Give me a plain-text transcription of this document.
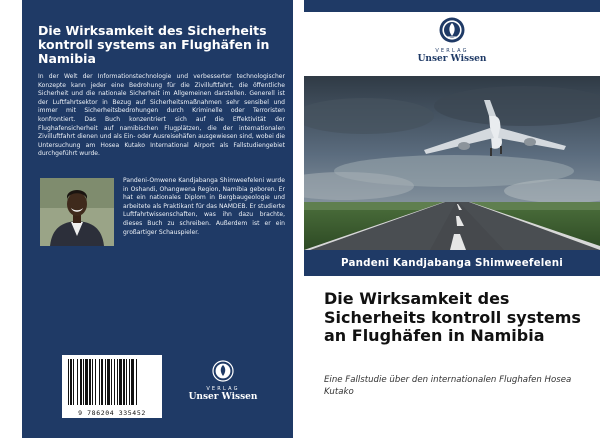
Die Wirksamkeit des Sicherheits kontroll systems an Flughäfen in Namibia
In der Welt der Informationstechnologie und verbesserter technologischer Konzepte kann jeder eine Bedrohung für die Zivilluftfahrt, die öffentliche Sicherheit und die nationale Sicherheit im Allgemeinen darstellen. Generell ist der Luftfahrtsektor in Bezug auf Sicherheitsmaßnahmen sehr sensibel und immer mit Sicherheitsbedrohungen durch Kriminelle oder Terroristen konfrontiert. Das Buch konzentriert sich auf die Effektivität der Flughafensicherheit auf namibischen Flugplätzen, die der internationalen Zivilluftfahrt dienen und als Ein- oder Ausreisehäfen ausgewiesen sind, wobei die Untersuchung am Hosea Kutako International Airport als Fallstudiengebiet durchgeführt wurde.
Pandeni-Omwene Kandjabanga Shimweefeleni wurde in Oshandi, Ohangwena Region, Namibia geboren. Er hat ein nationales Diplom in Bergbaugeologie und arbeitete als Praktikant für das NAMDEB. Er studierte Luftfahrtwissenschaften, was ihn dazu brachte, dieses Buch zu schreiben. Außerdem ist er ein großartiger Schauspieler.
9 786204 335452
VERLAG
Unser Wissen
VERLAG
Unser Wissen
Pandeni Kandjabanga Shimweefeleni
Die Wirksamkeit des Sicherheits kontroll systems an Flughäfen in Namibia
Eine Fallstudie über den internationalen Flughafen Hosea Kutako
